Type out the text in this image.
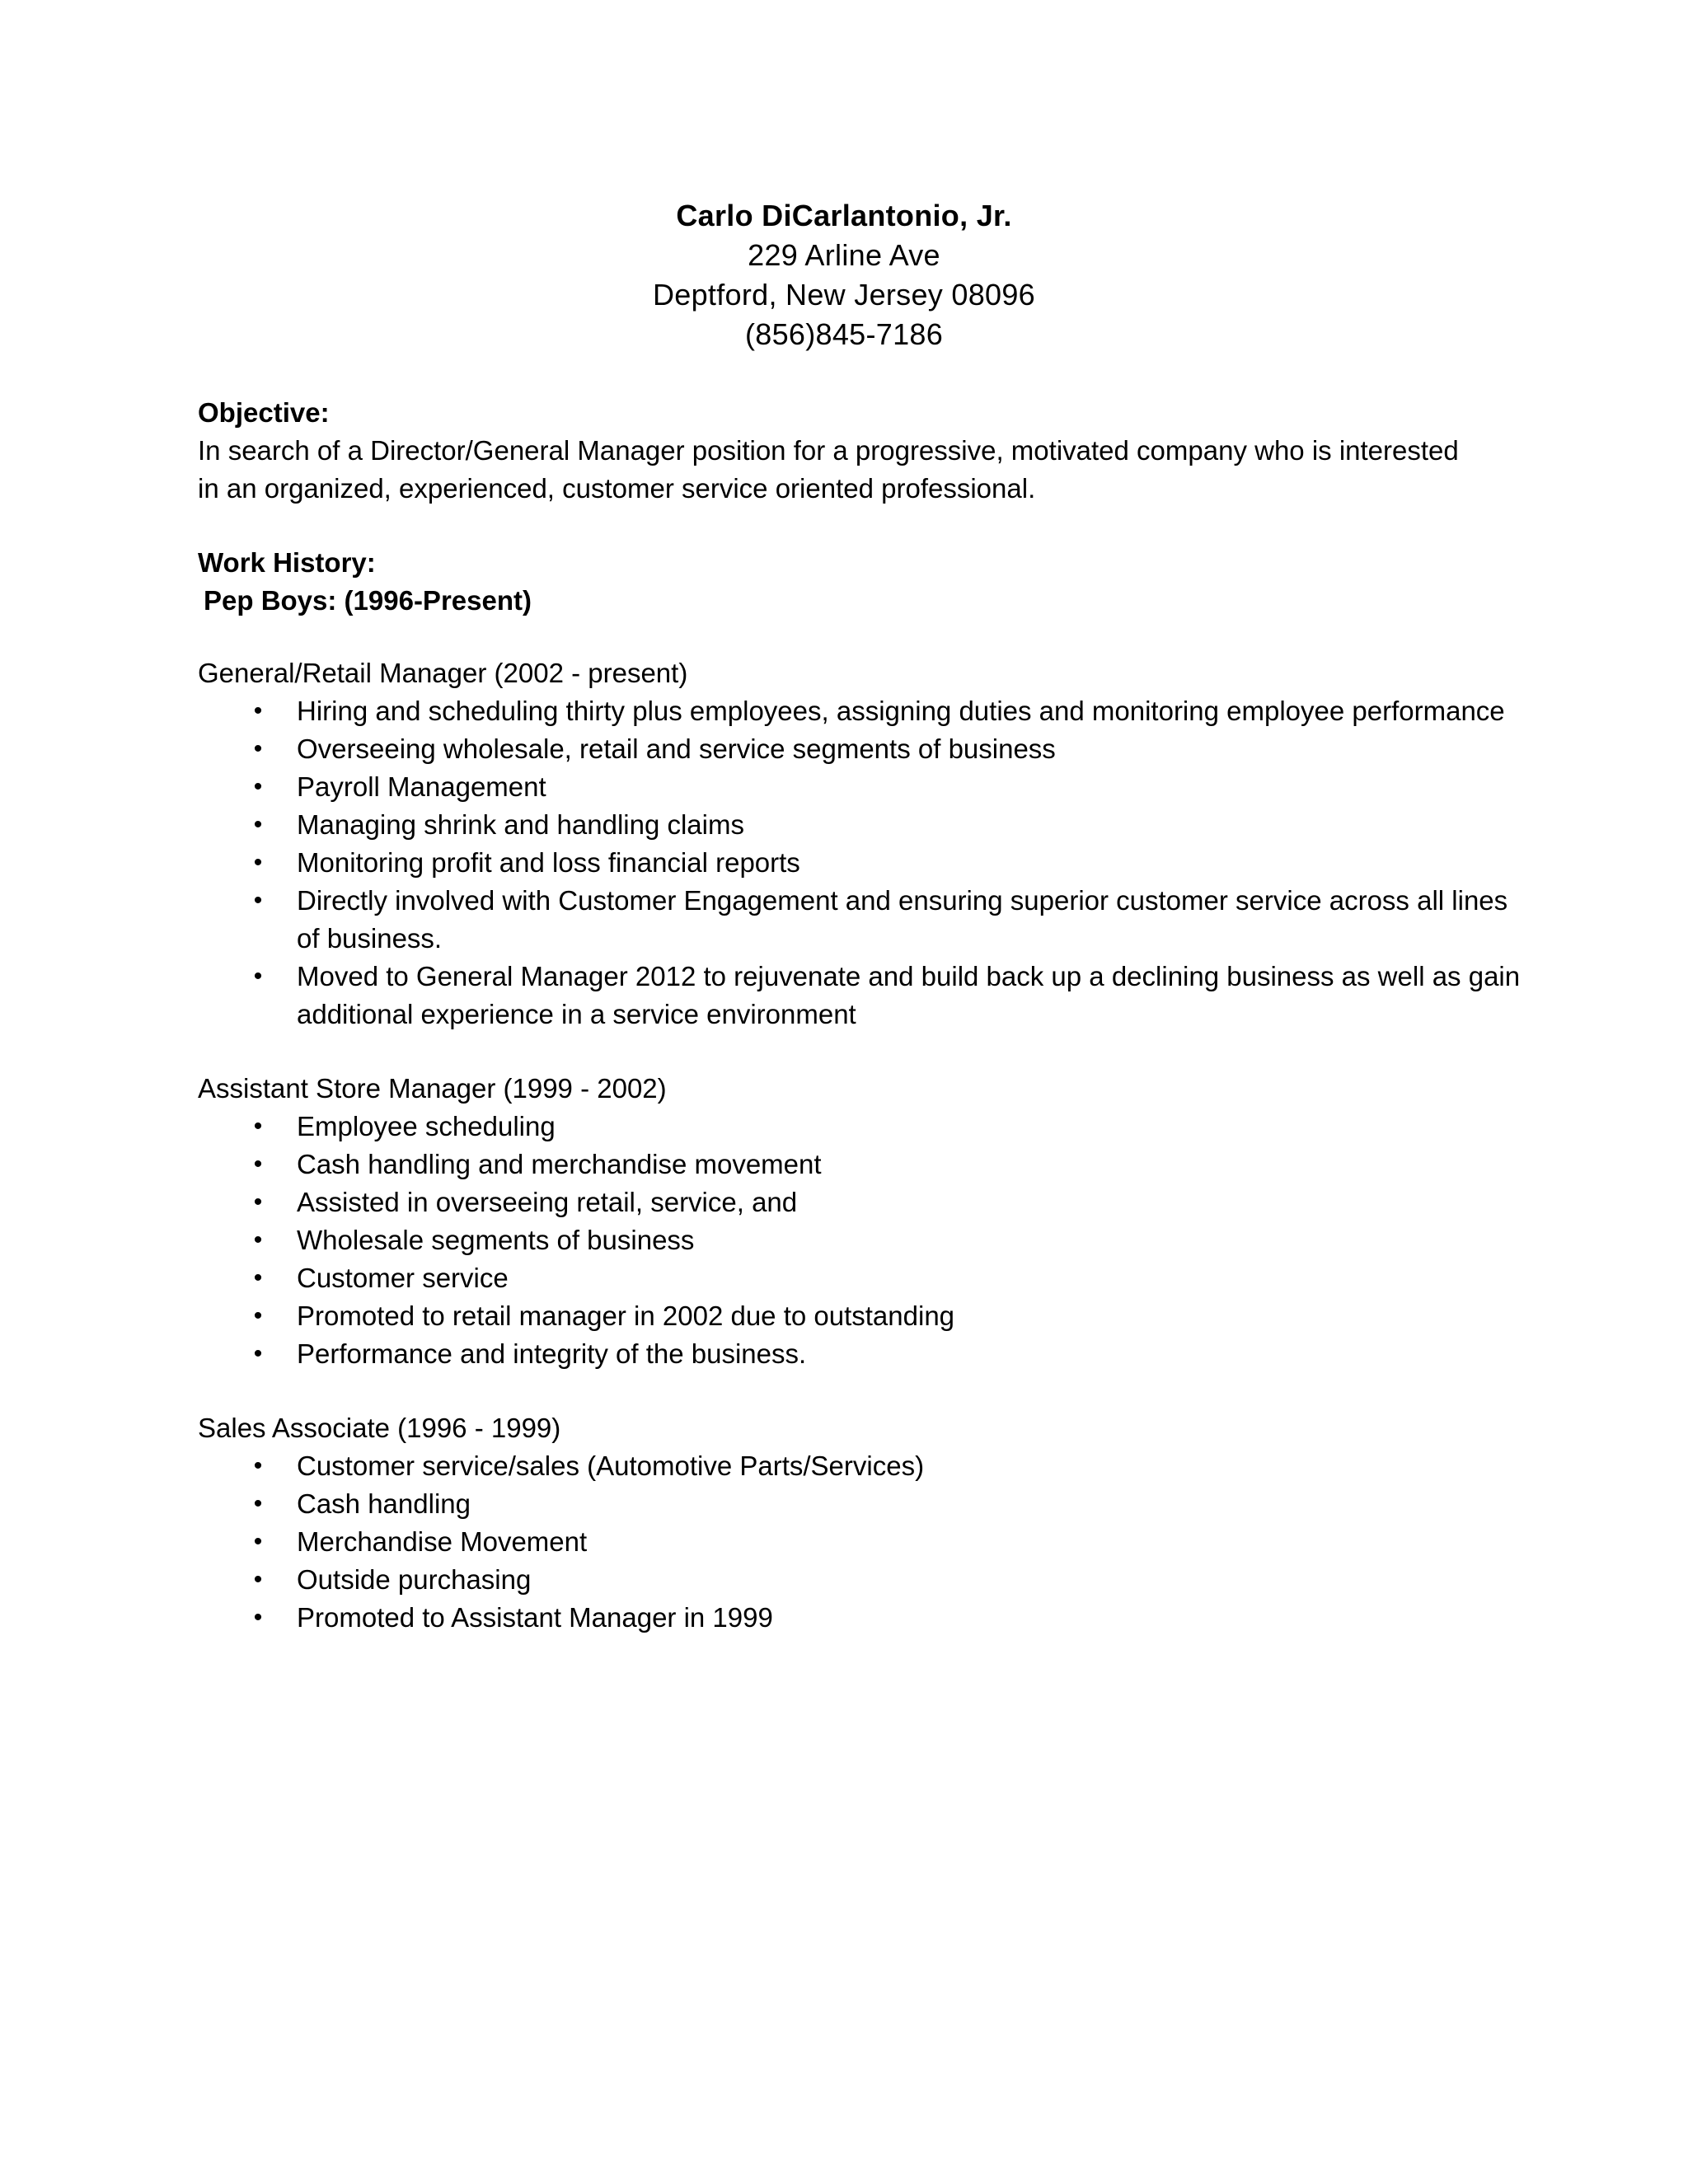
Carlo DiCarlantonio, Jr.
229 Arline Ave
Deptford, New Jersey 08096
(856)845-7186
Objective:

In search of a Director/General Manager position for a progressive, motivated company who is interested in an organized, experienced, customer service oriented professional.

Work History:
Pep Boys: (1996-Present)

General/Retail Manager (2002 - present)

• Hiring and scheduling thirty plus employees, assigning duties and monitoring employee performance
• Overseeing wholesale, retail and service segments of business
• Payroll Management
• Managing shrink and handling claims
• Monitoring profit and loss financial reports
• Directly involved with Customer Engagement and ensuring superior customer service across all lines of business.
• Moved to General Manager 2012 to rejuvenate and build back up a declining business as well as gain additional experience in a service environment

Assistant Store Manager (1999 - 2002)

• Employee scheduling
• Cash handling and merchandise movement
• Assisted in overseeing retail, service, and
• Wholesale segments of business
• Customer service
• Promoted to retail manager in 2002 due to outstanding
• Performance and integrity of the business.

Sales Associate (1996 - 1999)

• Customer service/sales (Automotive Parts/Services)
• Cash handling
• Merchandise Movement
• Outside purchasing
• Promoted to Assistant Manager in 1999
